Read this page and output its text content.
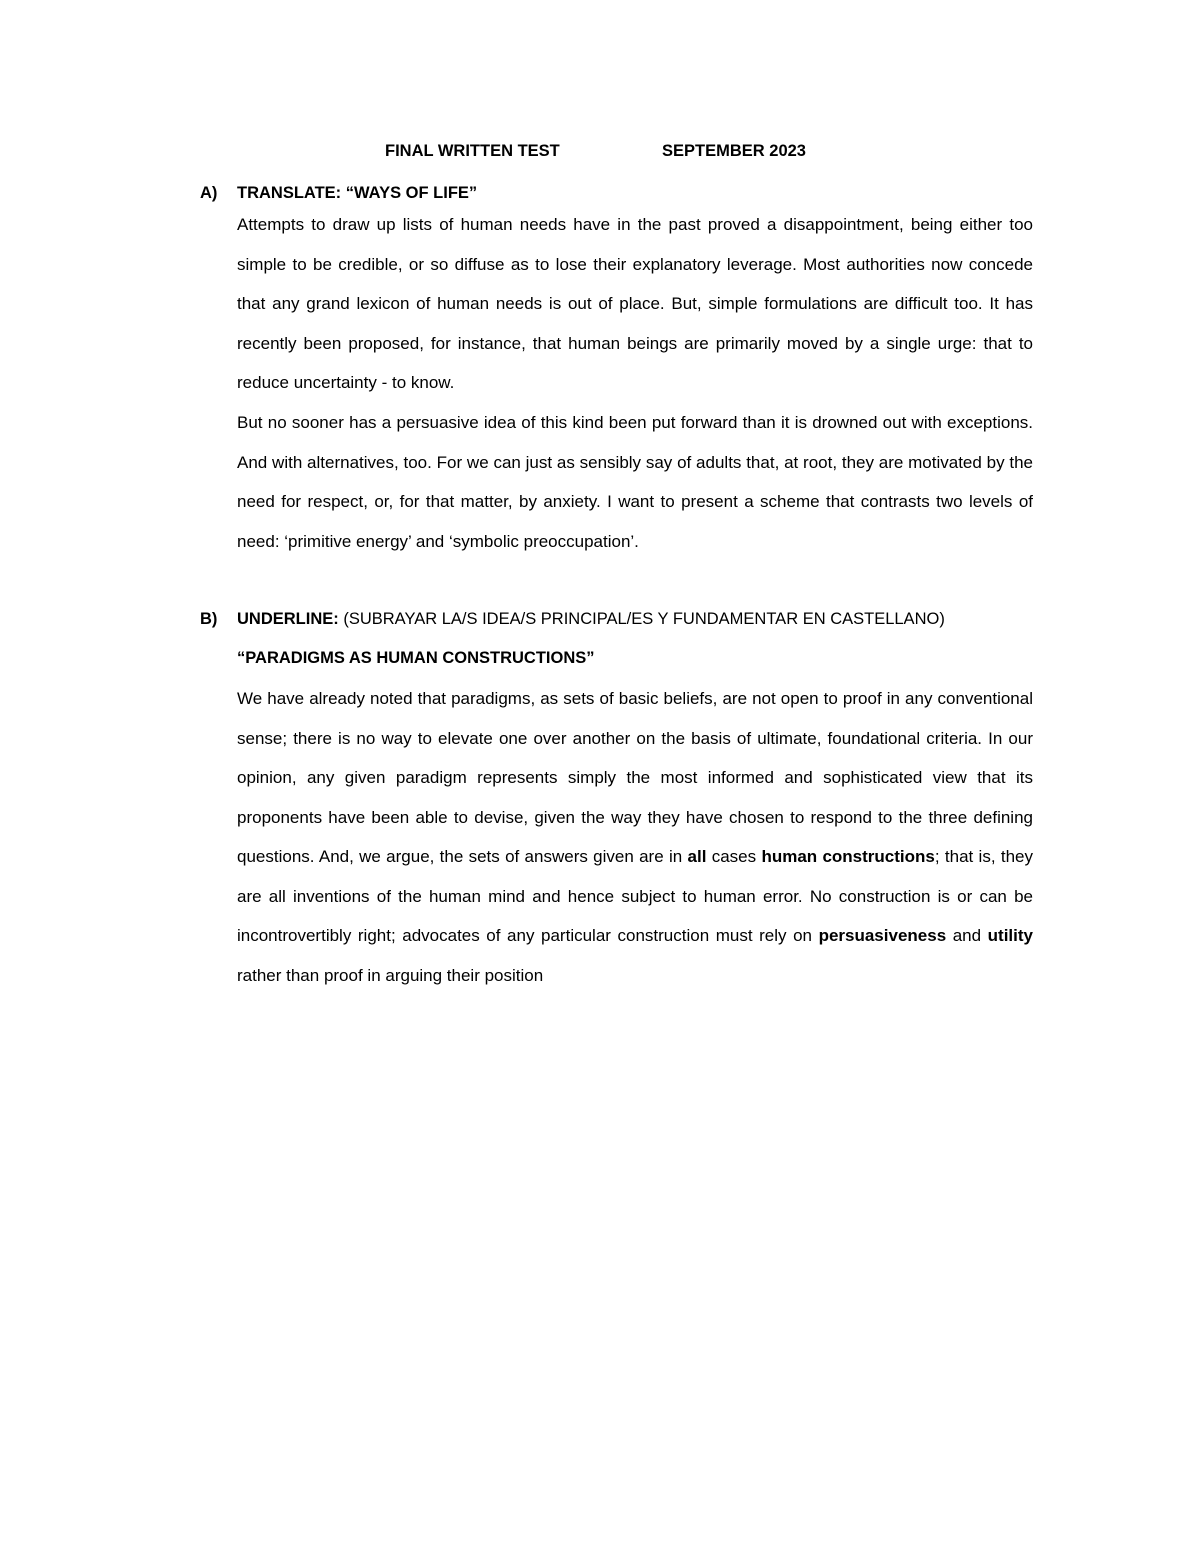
FINAL WRITTEN TEST	SEPTEMBER 2023
A) TRANSLATE: “WAYS OF LIFE”

Attempts to draw up lists of human needs have in the past proved a disappointment, being either too simple to be credible, or so diffuse as to lose their explanatory leverage. Most authorities now concede that any grand lexicon of human needs is out of place. But, simple formulations are difficult too. It has recently been proposed, for instance, that human beings are primarily moved by a single urge: that to reduce uncertainty - to know.

But no sooner has a persuasive idea of this kind been put forward than it is drowned out with exceptions. And with alternatives, too. For we can just as sensibly say of adults that, at root, they are motivated by the need for respect, or, for that matter, by anxiety. I want to present a scheme that contrasts two levels of need: ‘primitive energy’ and ‘symbolic preoccupation’.

B) UNDERLINE: (SUBRAYAR LA/S IDEA/S PRINCIPAL/ES Y FUNDAMENTAR EN CASTELLANO)
“PARADIGMS AS HUMAN CONSTRUCTIONS”

We have already noted that paradigms, as sets of basic beliefs, are not open to proof in any conventional sense; there is no way to elevate one over another on the basis of ultimate, foundational criteria. In our opinion, any given paradigm represents simply the most informed and sophisticated view that its proponents have been able to devise, given the way they have chosen to respond to the three defining questions. And, we argue, the sets of answers given are in all cases human constructions; that is, they are all inventions of the human mind and hence subject to human error. No construction is or can be incontrovertibly right; advocates of any particular construction must rely on persuasiveness and utility rather than proof in arguing their position
